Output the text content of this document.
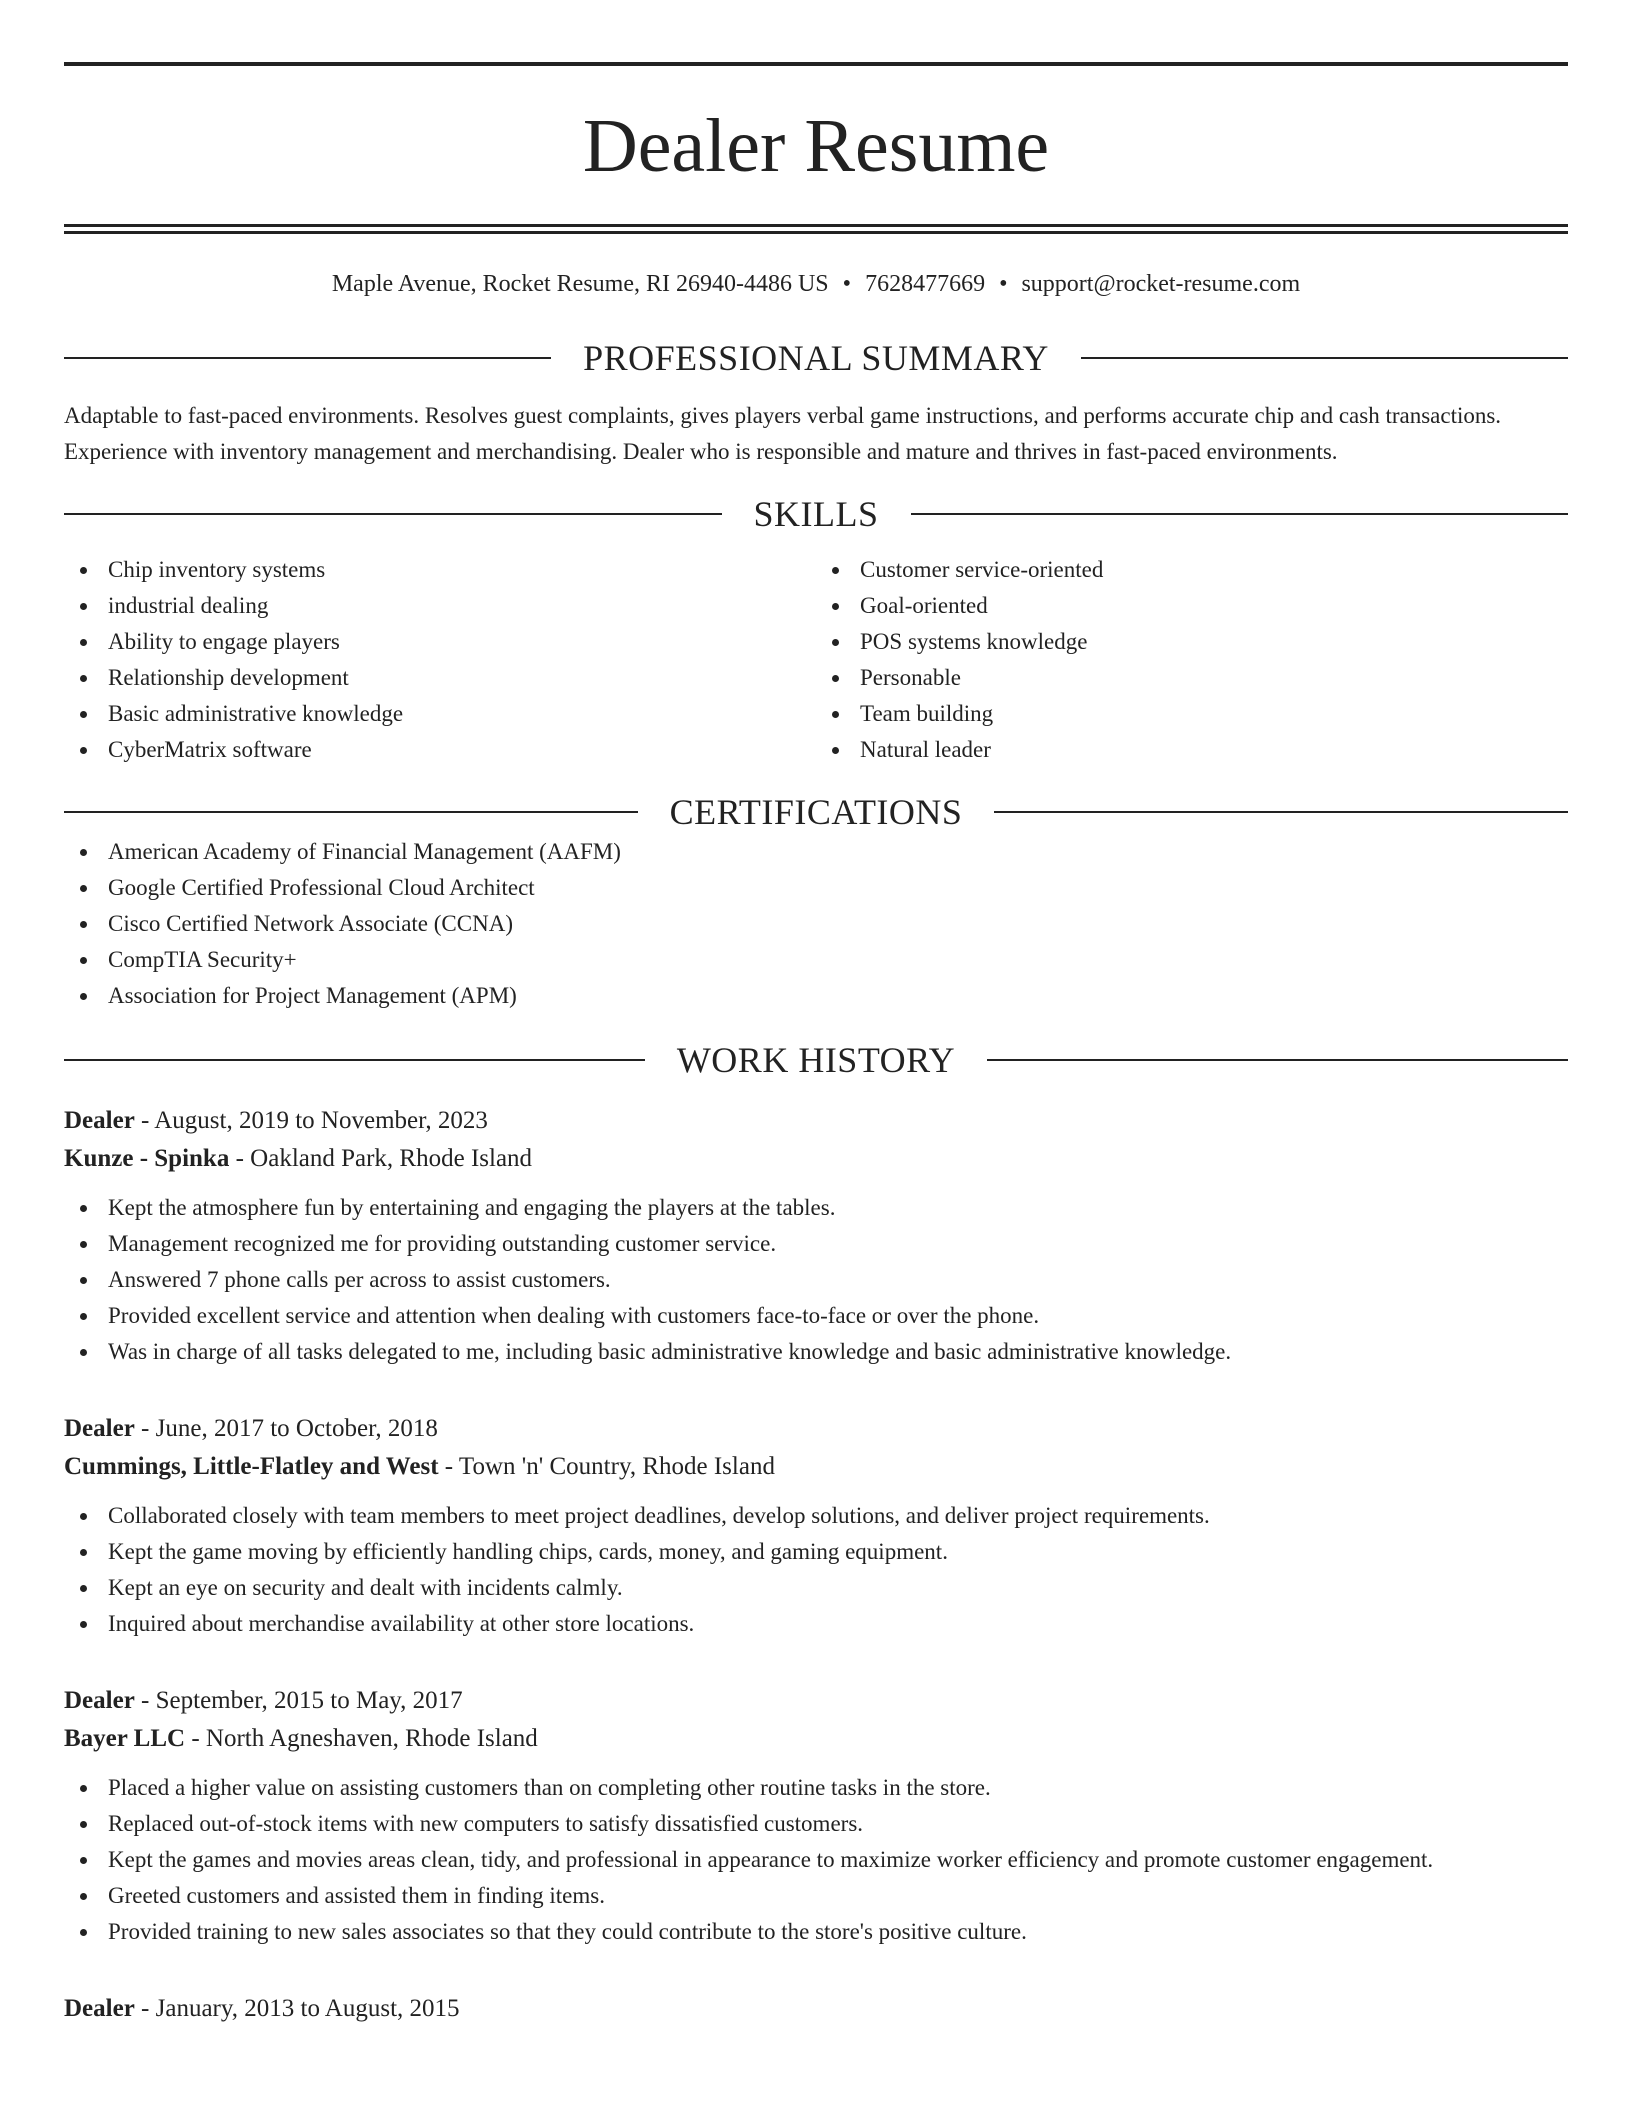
Dealer Resume
Maple Avenue, Rocket Resume, RI 26940-4486 US • 7628477669 • support@rocket-resume.com
PROFESSIONAL SUMMARY

Adaptable to fast-paced environments. Resolves guest complaints, gives players verbal game instructions, and performs accurate chip and cash transactions. Experience with inventory management and merchandising. Dealer who is responsible and mature and thrives in fast-paced environments.

SKILLS
Chip inventory systems
industrial dealing
Ability to engage players
Relationship development
Basic administrative knowledge
CyberMatrix software
Customer service-oriented
Goal-oriented
POS systems knowledge
Personable
Team building
Natural leader
CERTIFICATIONS
American Academy of Financial Management (AAFM)
Google Certified Professional Cloud Architect
Cisco Certified Network Associate (CCNA)
CompTIA Security+
Association for Project Management (APM)
WORK HISTORY
Dealer - August, 2019 to November, 2023
Kunze - Spinka - Oakland Park, Rhode Island
Kept the atmosphere fun by entertaining and engaging the players at the tables.
Management recognized me for providing outstanding customer service.
Answered 7 phone calls per across to assist customers.
Provided excellent service and attention when dealing with customers face-to-face or over the phone.
Was in charge of all tasks delegated to me, including basic administrative knowledge and basic administrative knowledge.
Dealer - June, 2017 to October, 2018
Cummings, Little-Flatley and West - Town 'n' Country, Rhode Island
Collaborated closely with team members to meet project deadlines, develop solutions, and deliver project requirements.
Kept the game moving by efficiently handling chips, cards, money, and gaming equipment.
Kept an eye on security and dealt with incidents calmly.
Inquired about merchandise availability at other store locations.
Dealer - September, 2015 to May, 2017
Bayer LLC - North Agneshaven, Rhode Island
Placed a higher value on assisting customers than on completing other routine tasks in the store.
Replaced out-of-stock items with new computers to satisfy dissatisfied customers.
Kept the games and movies areas clean, tidy, and professional in appearance to maximize worker efficiency and promote customer engagement.
Greeted customers and assisted them in finding items.
Provided training to new sales associates so that they could contribute to the store's positive culture.
Dealer - January, 2013 to August, 2015
